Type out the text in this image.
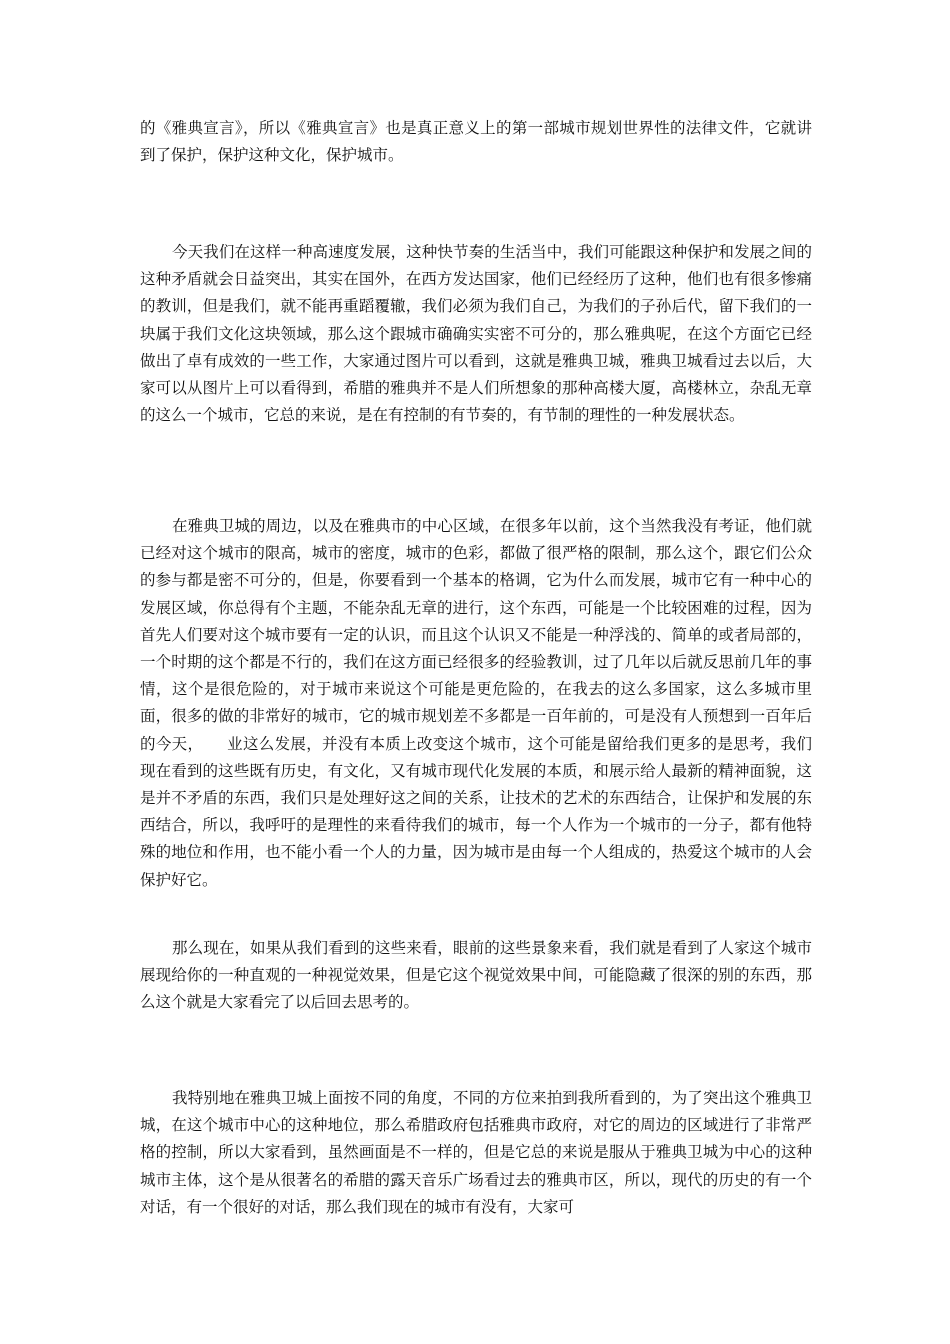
的《雅典宣言》，所以《雅典宣言》也是真正意义上的第一部城市规划世界性的法律文件，它就讲到了保护，保护这种文化，保护城市。

今天我们在这样一种高速度发展，这种快节奏的生活当中，我们可能跟这种保护和发展之间的这种矛盾就会日益突出，其实在国外，在西方发达国家，他们已经经历了这种，他们也有很多惨痛的教训，但是我们，就不能再重蹈覆辙，我们必须为我们自己，为我们的子孙后代，留下我们的一块属于我们文化这块领域，那么这个跟城市确确实实密不可分的，那么雅典呢，在这个方面它已经做出了卓有成效的一些工作，大家通过图片可以看到，这就是雅典卫城，雅典卫城看过去以后，大家可以从图片上可以看得到，希腊的雅典并不是人们所想象的那种高楼大厦，高楼林立，杂乱无章的这么一个城市，它总的来说，是在有控制的有节奏的，有节制的理性的一种发展状态。

在雅典卫城的周边，以及在雅典市的中心区域，在很多年以前，这个当然我没有考证，他们就已经对这个城市的限高，城市的密度，城市的色彩，都做了很严格的限制，那么这个，跟它们公众的参与都是密不可分的，但是，你要看到一个基本的格调，它为什么而发展，城市它有一种中心的发展区域，你总得有个主题，不能杂乱无章的进行，这个东西，可能是一个比较困难的过程，因为首先人们要对这个城市要有一定的认识，而且这个认识又不能是一种浮浅的、简单的或者局部的，一个时期的这个都是不行的，我们在这方面已经很多的经验教训，过了几年以后就反思前几年的事情，这个是很危险的，对于城市来说这个可能是更危险的，在我去的这么多国家，这么多城市里面，很多的做的非常好的城市，它的城市规划差不多都是一百年前的，可是没有人预想到一百年后的今天，　　业这么发展，并没有本质上改变这个城市，这个可能是留给我们更多的是思考，我们现在看到的这些既有历史，有文化，又有城市现代化发展的本质，和展示给人最新的精神面貌，这是并不矛盾的东西，我们只是处理好这之间的关系，让技术的艺术的东西结合，让保护和发展的东西结合，所以，我呼吁的是理性的来看待我们的城市，每一个人作为一个城市的一分子，都有他特殊的地位和作用，也不能小看一个人的力量，因为城市是由每一个人组成的，热爱这个城市的人会保护好它。

那么现在，如果从我们看到的这些来看，眼前的这些景象来看，我们就是看到了人家这个城市展现给你的一种直观的一种视觉效果，但是它这个视觉效果中间，可能隐藏了很深的别的东西，那么这个就是大家看完了以后回去思考的。

我特别地在雅典卫城上面按不同的角度，不同的方位来拍到我所看到的，为了突出这个雅典卫城，在这个城市中心的这种地位，那么希腊政府包括雅典市政府，对它的周边的区域进行了非常严格的控制，所以大家看到，虽然画面是不一样的，但是它总的来说是服从于雅典卫城为中心的这种城市主体，这个是从很著名的希腊的露天音乐广场看过去的雅典市区，所以，现代的历史的有一个对话，有一个很好的对话，那么我们现在的城市有没有，大家可
